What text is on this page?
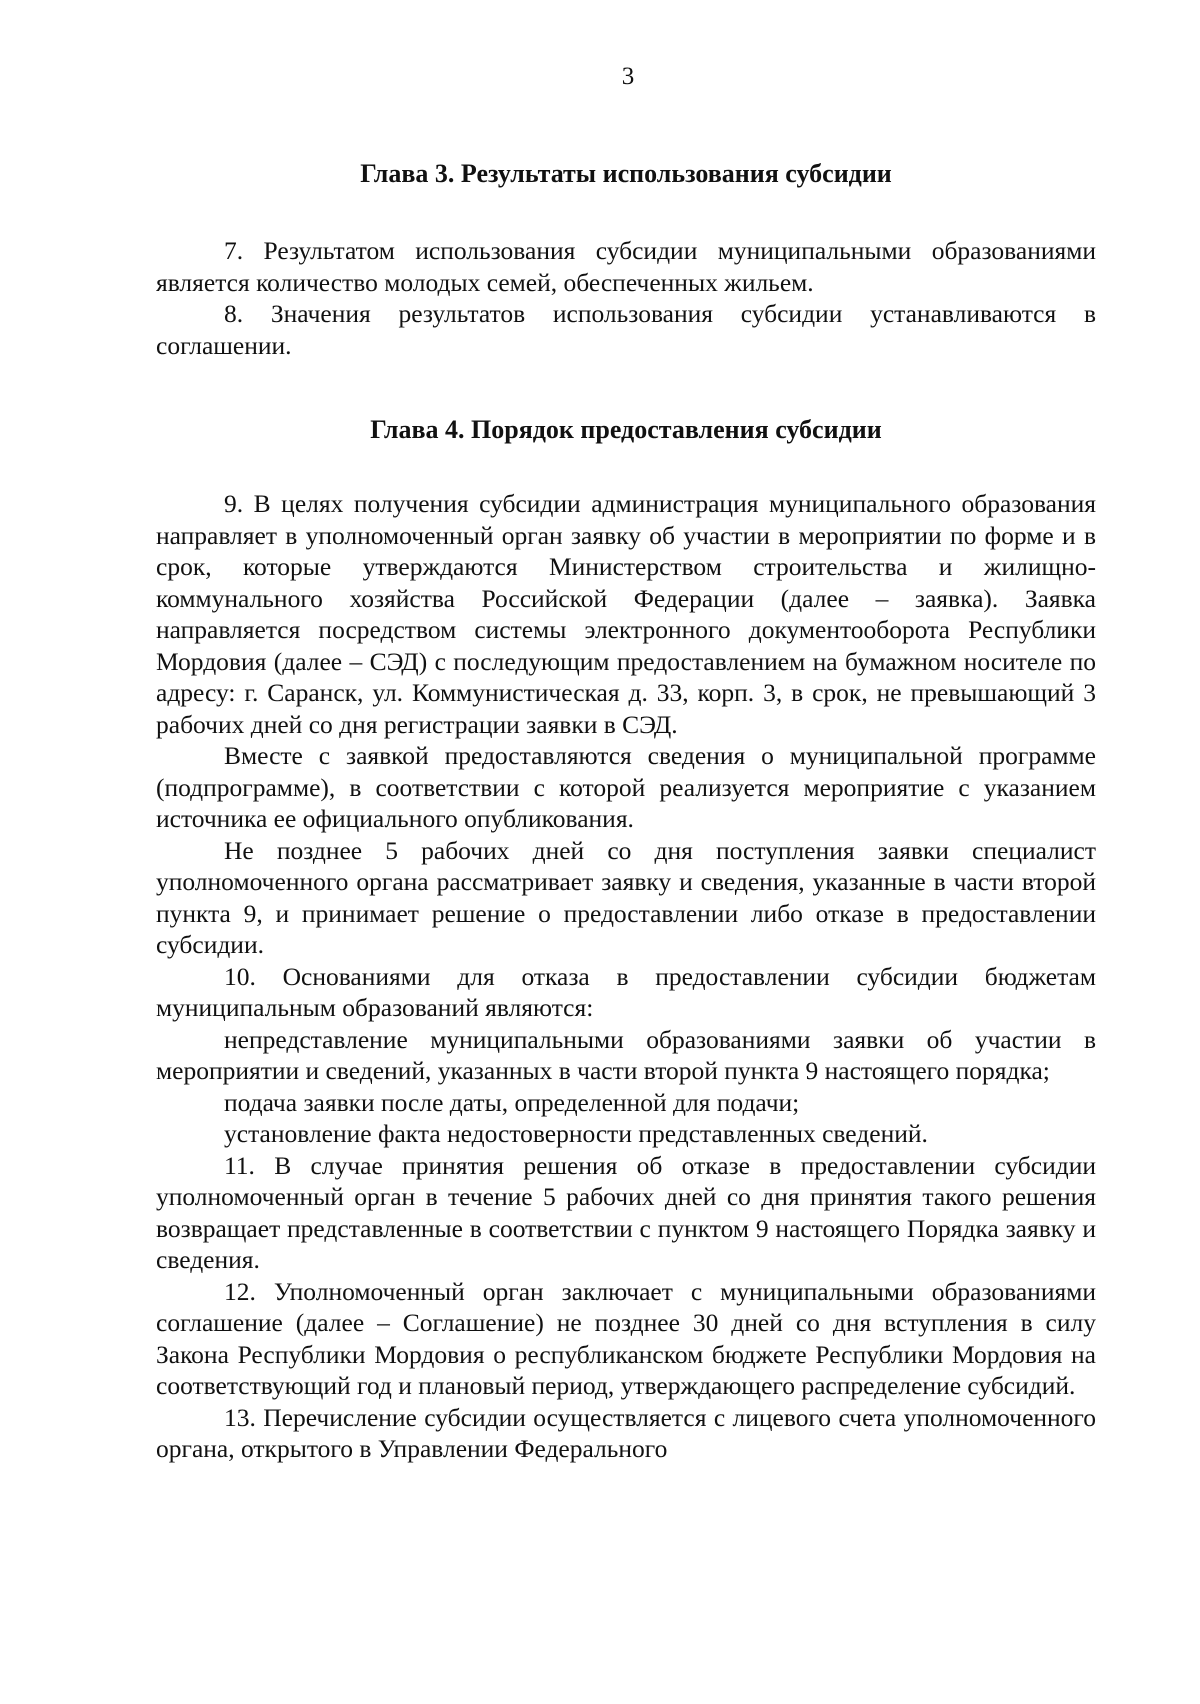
3
Глава 3. Результаты использования субсидии

7. Результатом использования субсидии муниципальными образованиями является количество молодых семей, обеспеченных жильем.

8. Значения результатов использования субсидии устанавливаются в соглашении.

Глава 4. Порядок предоставления субсидии

9. В целях получения субсидии администрация муниципального образования направляет в уполномоченный орган заявку об участии в мероприятии по форме и в срок, которые утверждаются Министерством строительства и жилищно-коммунального хозяйства Российской Федерации (далее – заявка). Заявка направляется посредством системы электронного документооборота Республики Мордовия (далее – СЭД) с последующим предоставлением на бумажном носителе по адресу: г. Саранск, ул. Коммунистическая д. 33, корп. 3, в срок, не превышающий 3 рабочих дней со дня регистрации заявки в СЭД.

Вместе с заявкой предоставляются сведения о муниципальной программе (подпрограмме), в соответствии с которой реализуется мероприятие с указанием источника ее официального опубликования.

Не позднее 5 рабочих дней со дня поступления заявки специалист уполномоченного органа рассматривает заявку и сведения, указанные в части второй пункта 9, и принимает решение о предоставлении либо отказе в предоставлении субсидии.

10. Основаниями для отказа в предоставлении субсидии бюджетам муниципальным образований являются:

непредставление муниципальными образованиями заявки об участии в мероприятии и сведений, указанных в части второй пункта 9 настоящего порядка;

подача заявки после даты, определенной для подачи;

установление факта недостоверности представленных сведений.

11. В случае принятия решения об отказе в предоставлении субсидии уполномоченный орган в течение 5 рабочих дней со дня принятия такого решения возвращает представленные в соответствии с пунктом 9 настоящего Порядка заявку и сведения.

12. Уполномоченный орган заключает с муниципальными образованиями соглашение (далее – Соглашение) не позднее 30 дней со дня вступления в силу Закона Республики Мордовия о республиканском бюджете Республики Мордовия на соответствующий год и плановый период, утверждающего распределение субсидий.

13. Перечисление субсидии осуществляется с лицевого счета уполномоченного органа, открытого в Управлении Федерального
